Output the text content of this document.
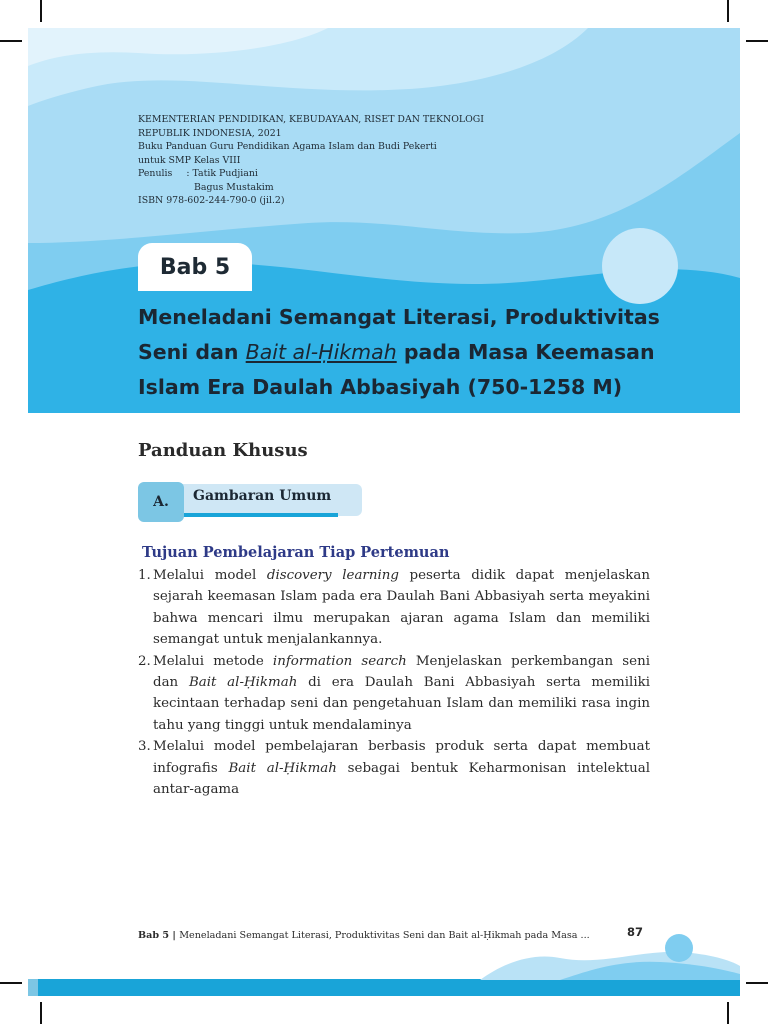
KEMENTERIAN PENDIDIKAN, KEBUDAYAAN, RISET DAN TEKNOLOGI
REPUBLIK INDONESIA, 2021
Buku Panduan Guru Pendidikan Agama Islam dan Budi Pekerti
untuk SMP Kelas VIII
Penulis : Tatik Pudjiani
Bagus Mustakim
ISBN 978-602-244-790-0 (jil.2)
Bab 5
Meneladani Semangat Literasi, Produktivitas
Seni dan Bait al-Ḥikmah pada Masa Keemasan
Islam Era Daulah Abbasiyah (750-1258 M)
Panduan Khusus
A.	Gambaran Umum
Tujuan Pembelajaran Tiap Pertemuan
1. Melalui model discovery learning peserta didik dapat menjelaskan sejarah keemasan Islam pada era Daulah Bani Abbasiyah serta meyakini bahwa mencari ilmu merupakan ajaran agama Islam dan memiliki semangat untuk menjalankannya.
2. Melalui metode information search Menjelaskan perkembangan seni dan Bait al-Ḥikmah di era Daulah Bani Abbasiyah serta memiliki kecintaan terhadap seni dan pengetahuan Islam dan memiliki rasa ingin tahu yang tinggi untuk mendalaminya
3. Melalui model pembelajaran berbasis produk serta dapat membuat infografis Bait al-Ḥikmah sebagai bentuk Keharmonisan intelektual antar-agama
Bab 5 | Meneladani Semangat Literasi, Produktivitas Seni dan Bait al-Ḥikmah pada Masa ...	87
